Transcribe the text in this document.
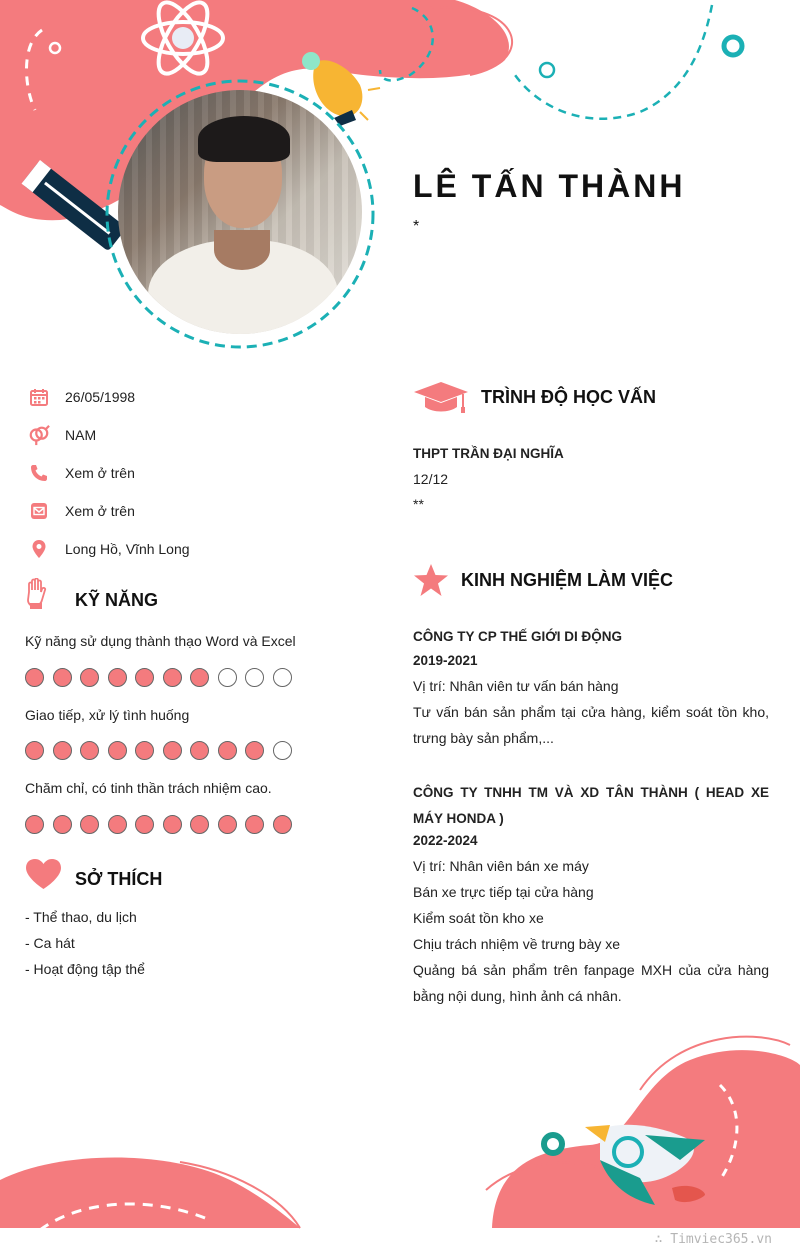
LÊ TẤN THÀNH
*
26/05/1998
NAM
Xem ở trên
Xem ở trên
Long Hồ, Vĩnh Long
KỸ NĂNG
Kỹ năng sử dụng thành thạo Word và Excel
Giao tiếp, xử lý tình huống
Chăm chỉ, có tinh thần trách nhiệm cao.
SỞ THÍCH
- Thể thao, du lịch
- Ca hát
- Hoạt động tập thể
TRÌNH ĐỘ HỌC VẤN
THPT TRẦN ĐẠI NGHĨA
12/12
**
KINH NGHIỆM LÀM VIỆC
CÔNG TY CP THẾ GIỚI DI ĐỘNG
2019-2021
Vị trí: Nhân viên tư vấn bán hàng
Tư vấn bán sản phẩm tại cửa hàng, kiểm soát tồn kho, trưng bày sản phẩm,...
CÔNG TY TNHH TM VÀ XD TÂN THÀNH ( HEAD XE MÁY HONDA )
2022-2024
Vị trí: Nhân viên bán xe máy
Bán xe trực tiếp tại cửa hàng
Kiểm soát tồn kho xe
Chịu trách nhiệm về trưng bày xe
Quảng bá sản phẩm trên fanpage MXH của cửa hàng bằng nội dung, hình ảnh cá nhân.
∴ Timviec365.vn
